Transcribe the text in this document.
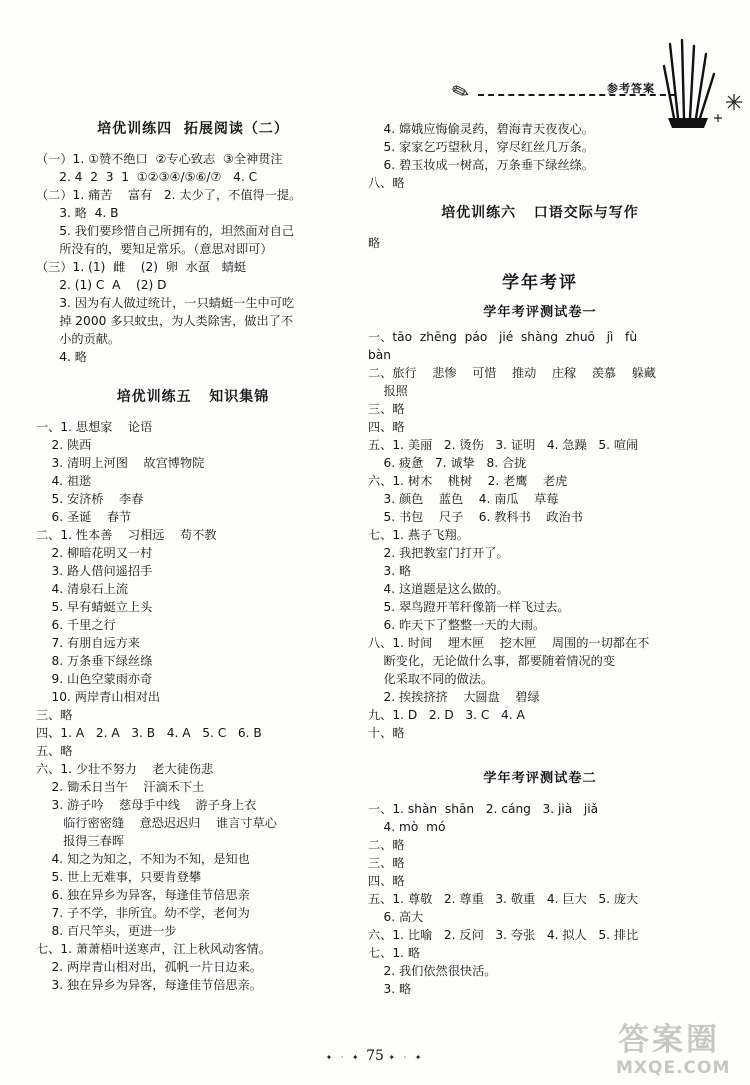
✎	参考答案
培优训练四  拓展阅读（二）
（一）1. ①赞不绝口  ②专心致志  ③全神贯注
2. 4  2  3  1  ①②③④/⑤⑥/⑦   4. C
（二）1. 痛苦    富有   2. 太少了，不值得一提。
3. 略  4. B
5. 我们要珍惜自己所拥有的，坦然面对自己
所没有的，要知足常乐。（意思对即可）
（三）1. (1)  雌    (2)  卵  水虿   蜻蜓
2. (1) C  A    (2) D
3. 因为有人做过统计，一只蜻蜓一生中可吃
掉 2000 多只蚊虫，为人类除害，做出了不
小的贡献。
4. 略
培优训练五   知识集锦
一、1. 思想家    论语
2. 陕西
3. 清明上河图    故宫博物院
4. 祖逖
5. 安济桥    李春
6. 圣诞    春节
二、1. 性本善    习相远    苟不教
2. 柳暗花明又一村
3. 路人借问遥招手
4. 清泉石上流
5. 早有蜻蜓立上头
6. 千里之行
7. 有朋自远方来
8. 万条垂下绿丝绦
9. 山色空蒙雨亦奇
10. 两岸青山相对出
三、略
四、1. A   2. A   3. B   4. A   5. C   6. B
五、略
六、1. 少壮不努力    老大徒伤悲
2. 锄禾日当午    汗滴禾下土
3. 游子吟    慈母手中线    游子身上衣
临行密密缝    意恐迟迟归    谁言寸草心
报得三春晖
4. 知之为知之，不知为不知，是知也
5. 世上无难事，只要肯登攀
6. 独在异乡为异客，每逢佳节倍思亲
7. 子不学，非所宜。幼不学，老何为
8. 百尺竿头，更进一步
七、1. 萧萧梧叶送寒声，江上秋风动客情。
2. 两岸青山相对出，孤帆一片日边来。
3. 独在异乡为异客，每逢佳节倍思亲。
4. 嫦娥应悔偷灵药，碧海青天夜夜心。
5. 家家乞巧望秋月，穿尽红丝几万条。
6. 碧玉妆成一树高，万条垂下绿丝绦。
八、略
培优训练六   口语交际与写作
略
学年考评
学年考评测试卷一
一、tāo  zhēng  páo   jié  shàng  zhuō   jì   fù
bàn
二、旅行    悲惨    可惜    推动    庄稼    羡慕    躲藏
报照
三、略
四、略
五、1. 美丽   2. 烫伤   3. 证明   4. 急躁   5. 喧闹
6. 疲惫   7. 诚挚   8. 合拢
六、1. 树木    桃树    2. 老鹰    老虎
3. 颜色    蓝色    4. 南瓜    草莓
5. 书包    尺子    6. 教科书    政治书
七、1. 燕子飞翔。
2. 我把教室门打开了。
3. 略
4. 这道题是这么做的。
5. 翠鸟蹬开苇秆像箭一样飞过去。
6. 昨天下了整整一天的大雨。
八、1. 时间    埋木匣    挖木匣    周围的一切都在不
断变化，无论做什么事，都要随着情况的变
化采取不同的做法。
2. 挨挨挤挤    大圆盘    碧绿
九、1. D   2. D   3. C   4. A
十、略
学年考评测试卷二
一、1. shàn  shān   2. cáng   3. jià   jiǎ
4. mò  mó
二、略
三、略
四、略
五、1. 尊敬   2. 尊重   3. 敬重   4. 巨大   5. 庞大
6. 高大
六、1. 比喻   2. 反问   3. 夸张   4. 拟人   5. 排比
七、1. 略
2. 我们依然很快活。
3. 略
✦ · ✦ 75 ✦ · ✦	答案圈
MXQE.COM
